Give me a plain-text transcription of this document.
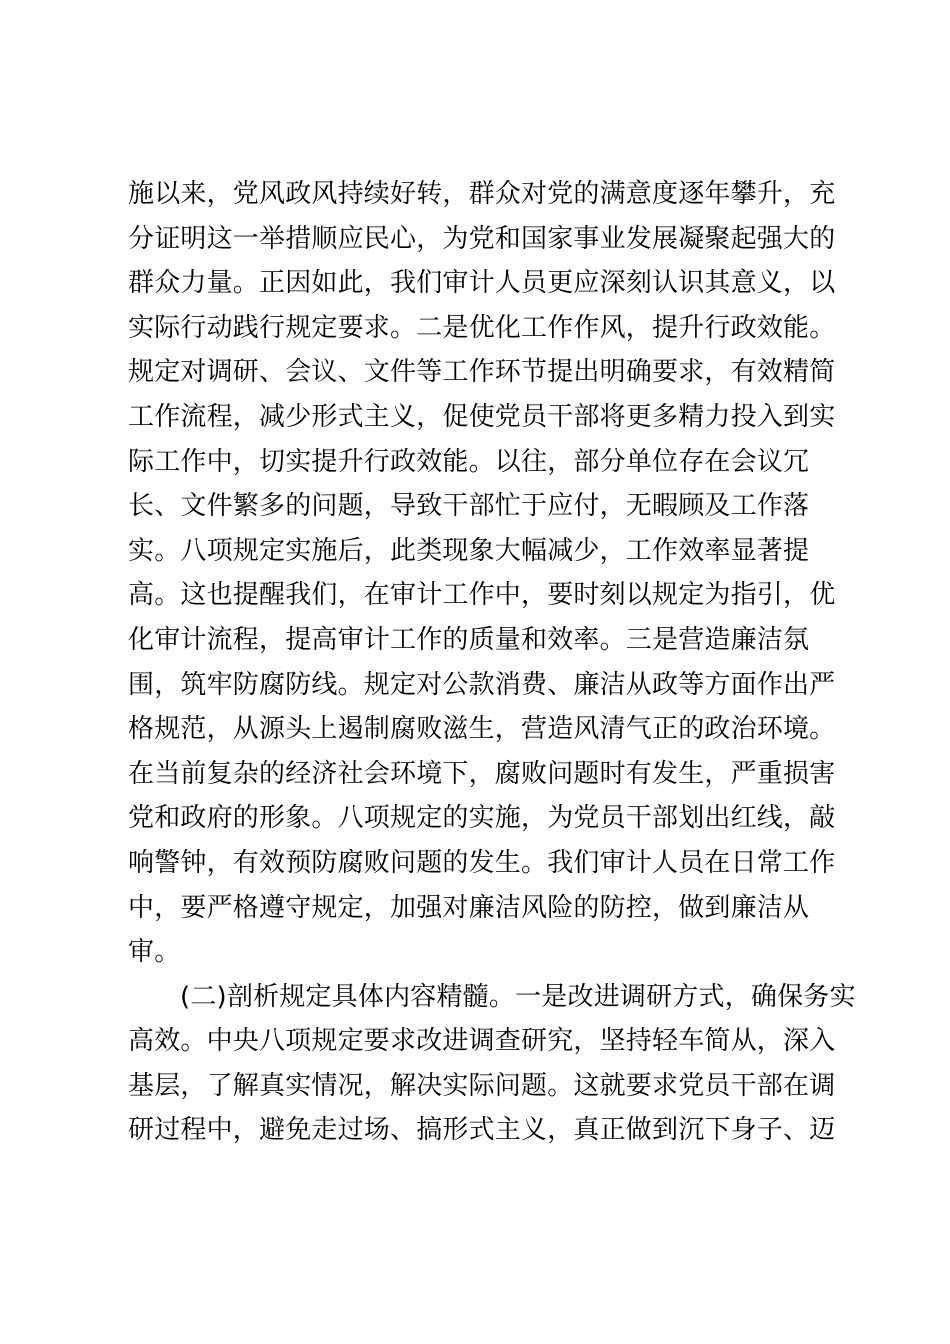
施以来，党风政风持续好转，群众对党的满意度逐年攀升，充
分证明这一举措顺应民心，为党和国家事业发展凝聚起强大的
群众力量。正因如此，我们审计人员更应深刻认识其意义，以
实际行动践行规定要求。二是优化工作作风，提升行政效能。
规定对调研、会议、文件等工作环节提出明确要求，有效精简
工作流程，减少形式主义，促使党员干部将更多精力投入到实
际工作中，切实提升行政效能。以往，部分单位存在会议冗
长、文件繁多的问题，导致干部忙于应付，无暇顾及工作落
实。八项规定实施后，此类现象大幅减少，工作效率显著提
高。这也提醒我们，在审计工作中，要时刻以规定为指引，优
化审计流程，提高审计工作的质量和效率。三是营造廉洁氛
围，筑牢防腐防线。规定对公款消费、廉洁从政等方面作出严
格规范，从源头上遏制腐败滋生，营造风清气正的政治环境。
在当前复杂的经济社会环境下，腐败问题时有发生，严重损害
党和政府的形象。八项规定的实施，为党员干部划出红线，敲
响警钟，有效预防腐败问题的发生。我们审计人员在日常工作
中，要严格遵守规定，加强对廉洁风险的防控，做到廉洁从
审。
(二)剖析规定具体内容精髓。一是改进调研方式，确保务实
高效。中央八项规定要求改进调查研究，坚持轻车简从，深入
基层，了解真实情况，解决实际问题。这就要求党员干部在调
研过程中，避免走过场、搞形式主义，真正做到沉下身子、迈
